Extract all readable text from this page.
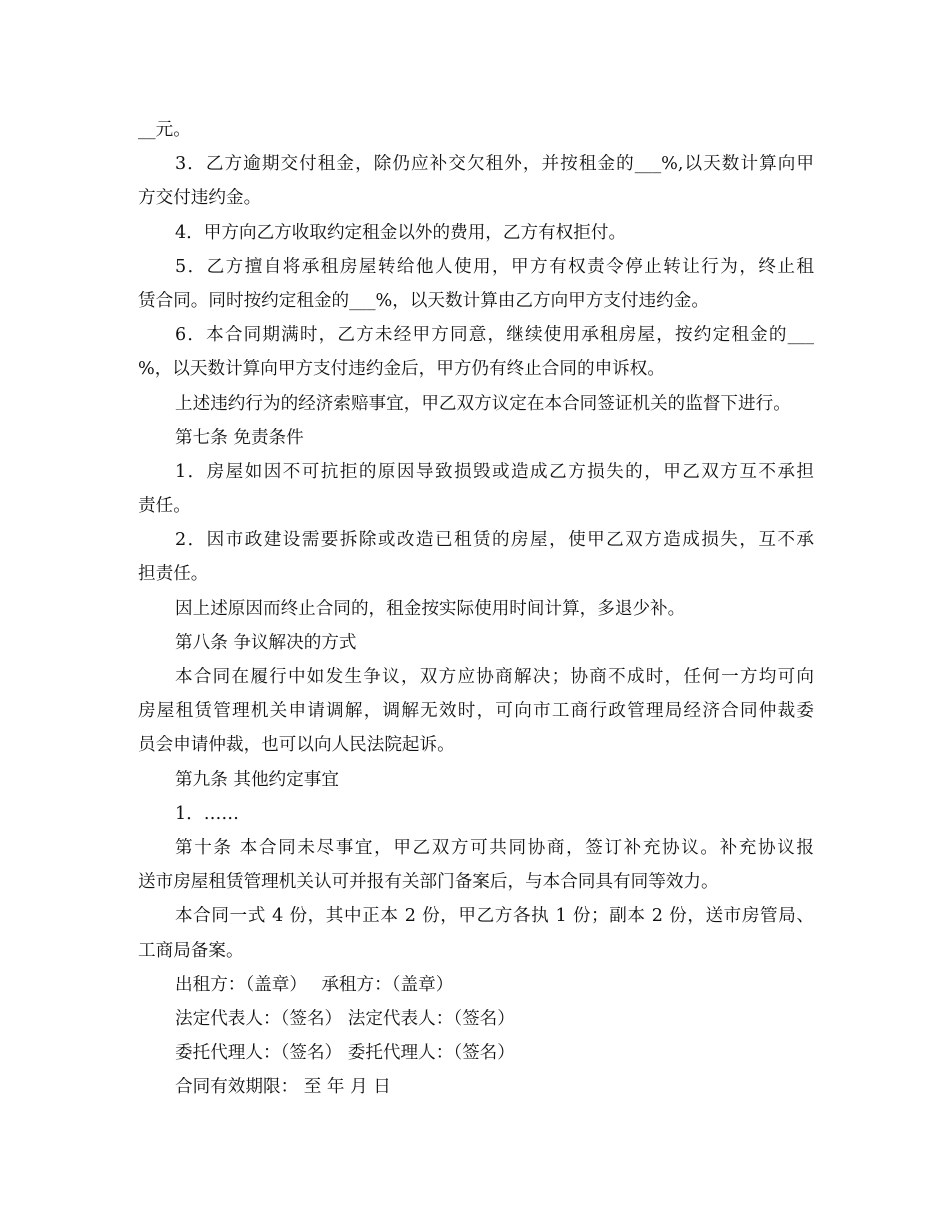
__元。

3．乙方逾期交付租金，除仍应补交欠租外，并按租金的___%,以天数计算向甲

方交付违约金。

4．甲方向乙方收取约定租金以外的费用，乙方有权拒付。

5．乙方擅自将承租房屋转给他人使用，甲方有权责令停止转让行为，终止租

赁合同。同时按约定租金的___%，以天数计算由乙方向甲方支付违约金。

6．本合同期满时，乙方未经甲方同意，继续使用承租房屋，按约定租金的___

%，以天数计算向甲方支付违约金后，甲方仍有终止合同的申诉权。

上述违约行为的经济索赔事宜，甲乙双方议定在本合同签证机关的监督下进行。

第七条 免责条件

1．房屋如因不可抗拒的原因导致损毁或造成乙方损失的，甲乙双方互不承担

责任。

2．因市政建设需要拆除或改造已租赁的房屋，使甲乙双方造成损失，互不承

担责任。

因上述原因而终止合同的，租金按实际使用时间计算，多退少补。

第八条 争议解决的方式

本合同在履行中如发生争议，双方应协商解决；协商不成时，任何一方均可向

房屋租赁管理机关申请调解，调解无效时，可向市工商行政管理局经济合同仲裁委

员会申请仲裁，也可以向人民法院起诉。

第九条 其他约定事宜

1．……

第十条 本合同未尽事宜，甲乙双方可共同协商，签订补充协议。补充协议报

送市房屋租赁管理机关认可并报有关部门备案后，与本合同具有同等效力。

本合同一式 4 份，其中正本 2 份，甲乙方各执 1 份；副本 2 份，送市房管局、

工商局备案。

出租方：（盖章）　 承租方：（盖章）

法定代表人：（签名） 法定代表人：（签名）

委托代理人：（签名） 委托代理人：（签名）

合同有效期限： 至 年 月 日
